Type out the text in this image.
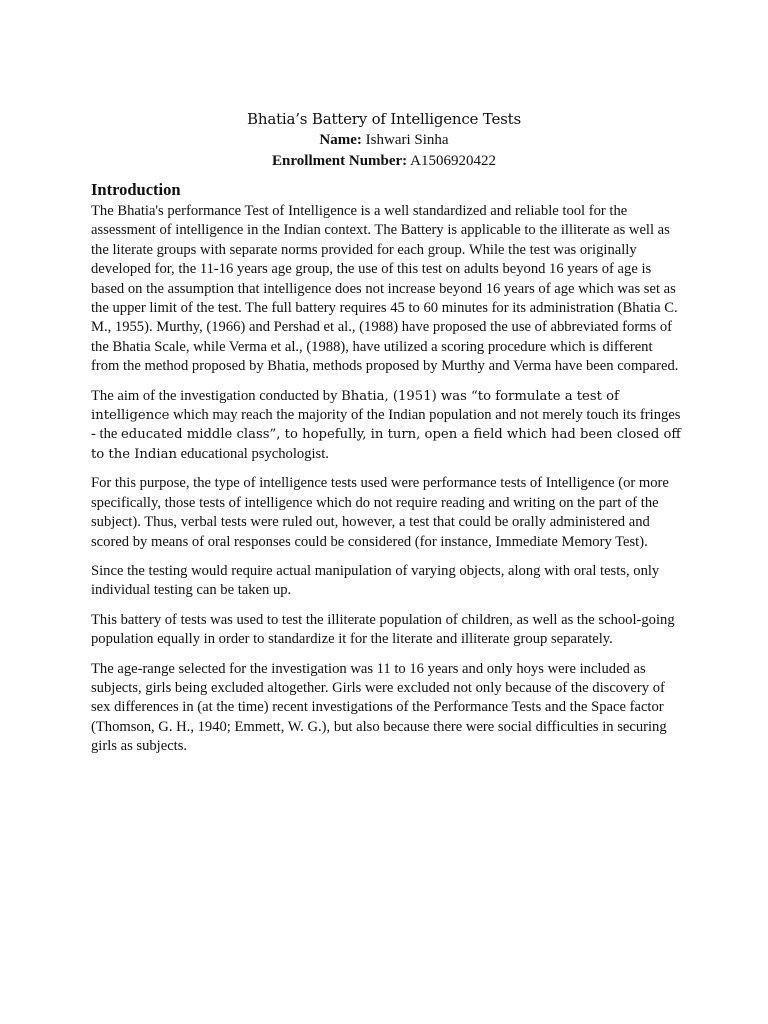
Bhatia’s Battery of Intelligence Tests

Name: Ishwari Sinha

Enrollment Number: A1506920422

Introduction

The Bhatia's performance Test of Intelligence is a well standardized and reliable tool for the assessment of intelligence in the Indian context. The Battery is applicable to the illiterate as well as the literate groups with separate norms provided for each group. While the test was originally developed for, the 11-16 years age group, the use of this test on adults beyond 16 years of age is based on the assumption that intelligence does not increase beyond 16 years of age which was set as the upper limit of the test. The full battery requires 45 to 60 minutes for its administration (Bhatia C. M., 1955). Murthy, (1966) and Pershad et al., (1988) have proposed the use of abbreviated forms of the Bhatia Scale, while Verma et al., (1988), have utilized a scoring procedure which is different from the method proposed by Bhatia, methods proposed by Murthy and Verma have been compared.

The aim of the investigation conducted by Bhatia, (1951) was “to formulate a test of intelligence which may reach the majority of the Indian population and not merely touch its fringes - the educated middle class”, to hopefully, in turn, open a field which had been closed off to the Indian educational psychologist.

For this purpose, the type of intelligence tests used were performance tests of Intelligence (or more specifically, those tests of intelligence which do not require reading and writing on the part of the subject). Thus, verbal tests were ruled out, however, a test that could be orally administered and scored by means of oral responses could be considered (for instance, Immediate Memory Test).

Since the testing would require actual manipulation of varying objects, along with oral tests, only individual testing can be taken up.

This battery of tests was used to test the illiterate population of children, as well as the school-going population equally in order to standardize it for the literate and illiterate group separately.

The age-range selected for the investigation was 11 to 16 years and only hoys were included as subjects, girls being excluded altogether. Girls were excluded not only because of the discovery of sex differences in (at the time) recent investigations of the Performance Tests and the Space factor (Thomson, G. H., 1940; Emmett, W. G.), but also because there were social difficulties in securing girls as subjects.
